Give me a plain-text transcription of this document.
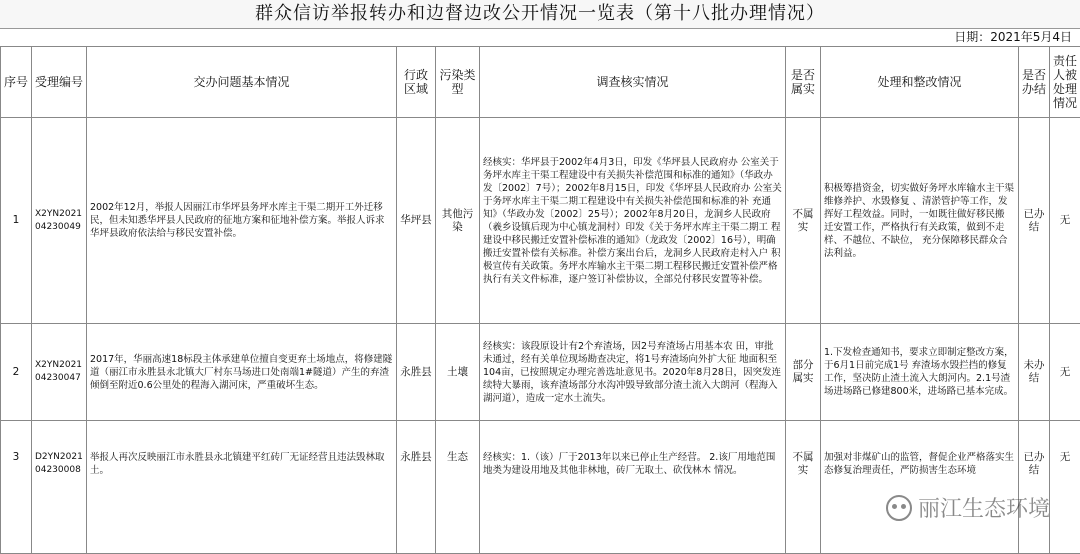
群众信访举报转办和边督边改公开情况一览表（第十八批办理情况）
日期：2021年5月4日
序号	受理编号	交办问题基本情况	行政区域	污染类型	调查核实情况	是否属实	处理和整改情况	是否办结	责任人被处理情况
1	X2YN202104230049	2002年12月，举报人因丽江市华坪县务坪水库主干渠二期开工外迁移民，但未知悉华坪县人民政府的征地方案和征地补偿方案。举报人诉求华坪县政府依法给与移民安置补偿。	华坪县	其他污染	经核实：华坪县于2002年4月3日，印发《华坪县人民政府办 公室关于务坪水库主干渠工程建设中有关损失补偿范围和标准的通知》（华政办发〔2002〕7号）；2002年8月15日，印发《华坪县人民政府办 公室关于务坪水库主干渠二期工程建设中有关损失补偿范围和标准的补 充通知》（华政办发〔2002〕25号）；2002年8月20日，龙洞乡人民政府（羲乡设镇后现为中心镇龙洞村）印发《关于务坪水库主干渠二期工 程建设中移民搬迁安置补偿标准的通知》（龙政发〔2002〕16号），明确搬迁安置补偿有关标准。补偿方案出台后，龙洞乡人民政府走村入户 积极宣传有关政策。务坪水库输水主干渠二期工程移民搬迁安置补偿严格执行有关文件标准，逐户签订补偿协议，全部兑付移民安置等补偿。	不属实	积极筹措资金，切实做好务坪水库输水主干渠维修养护、水毁修复 、清淤管护等工作，发挥好工程效益。同时，一如既往做好移民搬 迁安置工作，严格执行有关政策，做到不走样、不越位、不缺位， 充分保障移民群众合法利益。	已办结	无
2	X2YN202104230047	2017年，华丽高速18标段主体承建单位擅自变更弃土场地点，将修建隧道（丽江市永胜县永北镇大厂村东马场进口处南端1#隧道）产生的弃渣倾倒至附近0.6公里处的程海入湖河床，严重破坏生态。	永胜县	土壤	经核实：该段原设计有2个弃渣场，因2号弃渣场占用基本农 田，审批未通过，经有关单位现场勘查决定，将1号弃渣场向外扩大征 地面积至104亩，已按照规定办理完善选址意见书。2020年8月28日，因突发连续特大暴雨，该弃渣场部分水沟冲毁导致部分渣土流入大朗河（程海入湖河道），造成一定水土流失。	部分属实	1.下发检查通知书，要求立即制定整改方案，于6月1日前完成1号 弃渣场水毁拦挡的修复工作，坚决防止渣土流入大朗河内。2.1号渣场进场路已修建800米，进场路已基本完成。	未办结	无
3	D2YN202104230008	举报人再次反映丽江市永胜县永北镇建平红砖厂无证经营且违法毁林取土。	永胜县	生态	经核实：1.（该）厂于2013年以来已停止生产经营。 2.该厂用地范围地类为建设用地及其他非林地，砖厂无取土、砍伐林木 情况。	不属实	加强对非煤矿山的监管，督促企业严格落实生态修复治理责任，严防损害生态环境	已办结	无
丽江生态环境
